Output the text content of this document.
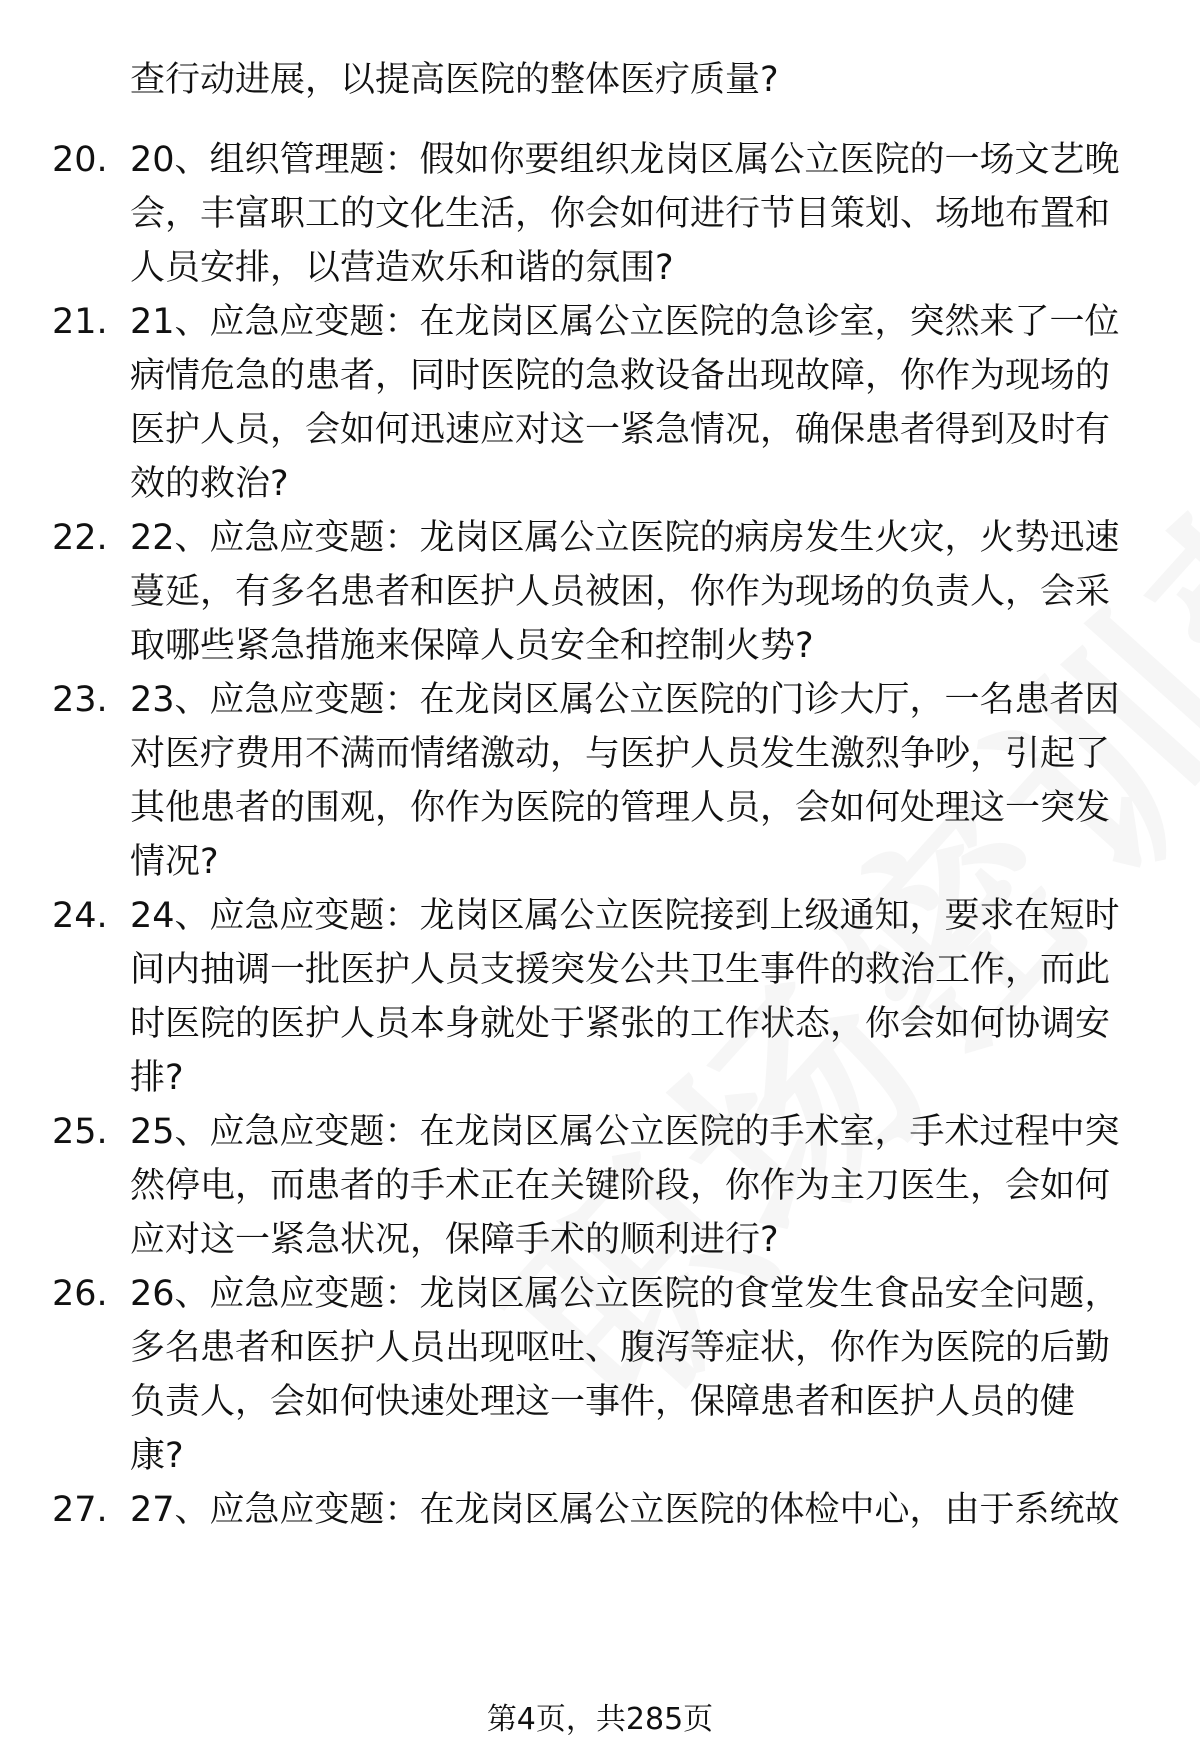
查行动进展，以提高医院的整体医疗质量?
20. 20、组织管理题：假如你要组织龙岗区属公立医院的一场文艺晚
会，丰富职工的文化生活，你会如何进行节目策划、场地布置和
人员安排，以营造欢乐和谐的氛围?
21. 21、应急应变题：在龙岗区属公立医院的急诊室，突然来了一位
病情危急的患者，同时医院的急救设备出现故障，你作为现场的
医护人员，会如何迅速应对这一紧急情况，确保患者得到及时有
效的救治?
22. 22、应急应变题：龙岗区属公立医院的病房发生火灾，火势迅速
蔓延，有多名患者和医护人员被困，你作为现场的负责人，会采
取哪些紧急措施来保障人员安全和控制火势?
23. 23、应急应变题：在龙岗区属公立医院的门诊大厅，一名患者因
对医疗费用不满而情绪激动，与医护人员发生激烈争吵，引起了
其他患者的围观，你作为医院的管理人员，会如何处理这一突发
情况?
24. 24、应急应变题：龙岗区属公立医院接到上级通知，要求在短时
间内抽调一批医护人员支援突发公共卫生事件的救治工作，而此
时医院的医护人员本身就处于紧张的工作状态，你会如何协调安
排?
25. 25、应急应变题：在龙岗区属公立医院的手术室，手术过程中突
然停电，而患者的手术正在关键阶段，你作为主刀医生，会如何
应对这一紧急状况，保障手术的顺利进行?
26. 26、应急应变题：龙岗区属公立医院的食堂发生食品安全问题，
多名患者和医护人员出现呕吐、腹泻等症状，你作为医院的后勤
负责人，会如何快速处理这一事件，保障患者和医护人员的健
康?
27. 27、应急应变题：在龙岗区属公立医院的体检中心，由于系统故
第4页，共285页
